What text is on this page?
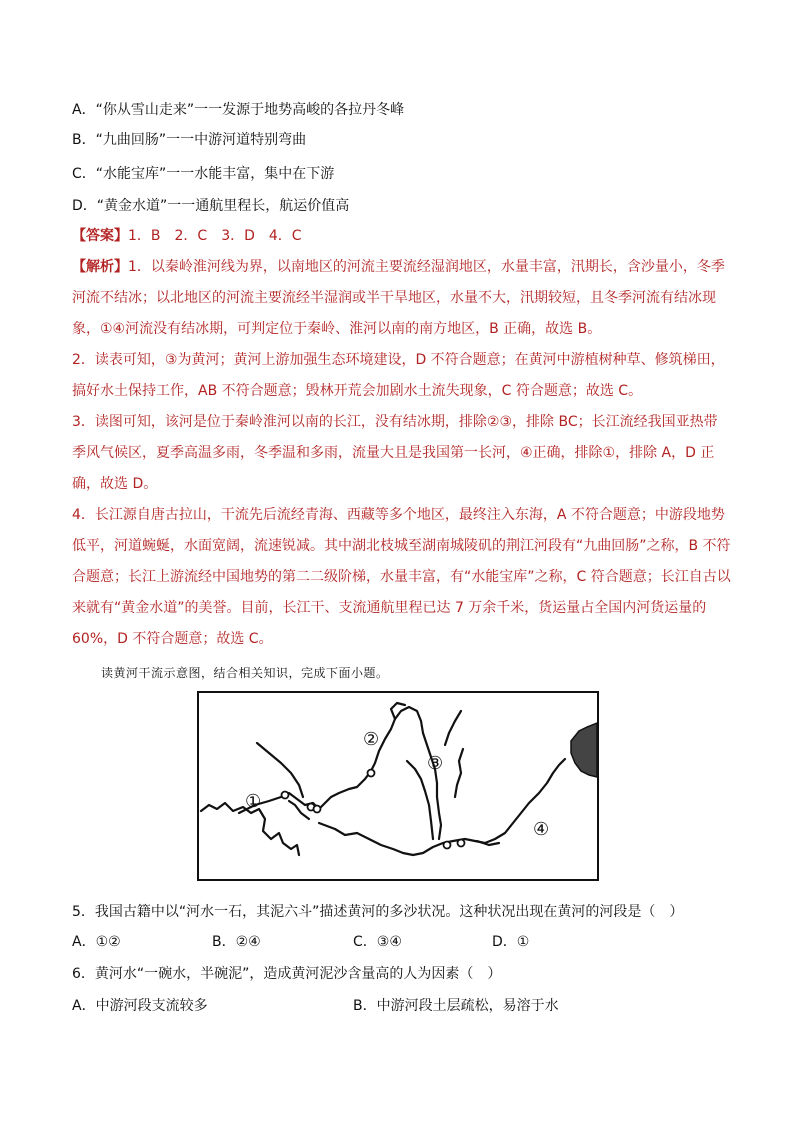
A．“你从雪山走来”一一发源于地势高峻的各拉丹冬峰
B．“九曲回肠”一一中游河道特别弯曲
C．“水能宝库”一一水能丰富，集中在下游
D．“黄金水道”一一通航里程长，航运价值高
【答案】1．B　2．C　3．D　4．C
【解析】1．以秦岭淮河线为界，以南地区的河流主要流经湿润地区，水量丰富，汛期长，含沙量小，冬季
河流不结冰；以北地区的河流主要流经半湿润或半干旱地区，水量不大，汛期较短，且冬季河流有结冰现
象，①④河流没有结冰期，可判定位于秦岭、淮河以南的南方地区，B 正确，故选 B。
2．读表可知，③为黄河；黄河上游加强生态环境建设，D 不符合题意；在黄河中游植树种草、修筑梯田，
搞好水土保持工作，AB 不符合题意；毁林开荒会加剧水土流失现象，C 符合题意；故选 C。
3．读图可知，该河是位于秦岭淮河以南的长江，没有结冰期，排除②③，排除 BC；长江流经我国亚热带
季风气候区，夏季高温多雨，冬季温和多雨，流量大且是我国第一长河，④正确，排除①，排除 A，D 正
确，故选 D。
4．长江源自唐古拉山，干流先后流经青海、西藏等多个地区，最终注入东海，A 不符合题意；中游段地势
低平，河道蜿蜒，水面宽阔，流速锐减。其中湖北枝城至湖南城陵矶的荆江河段有“九曲回肠”之称，B 不符
合题意；长江上游流经中国地势的第二二级阶梯，水量丰富，有“水能宝库”之称，C 符合题意；长江自古以
来就有“黄金水道”的美誉。目前，长江干、支流通航里程已达 7 万余千米，货运量占全国内河货运量的
60%，D 不符合题意；故选 C。
读黄河干流示意图，结合相关知识，完成下面小题。
①
②
③
④
5．我国古籍中以“河水一石，其泥六斗”描述黄河的多沙状况。这种状况出现在黄河的河段是（　）
A．①②	B．②④	C．③④	D．①
6．黄河水“一碗水，半碗泥”，造成黄河泥沙含量高的人为因素（　）
A．中游河段支流较多	B．中游河段土层疏松，易溶于水
